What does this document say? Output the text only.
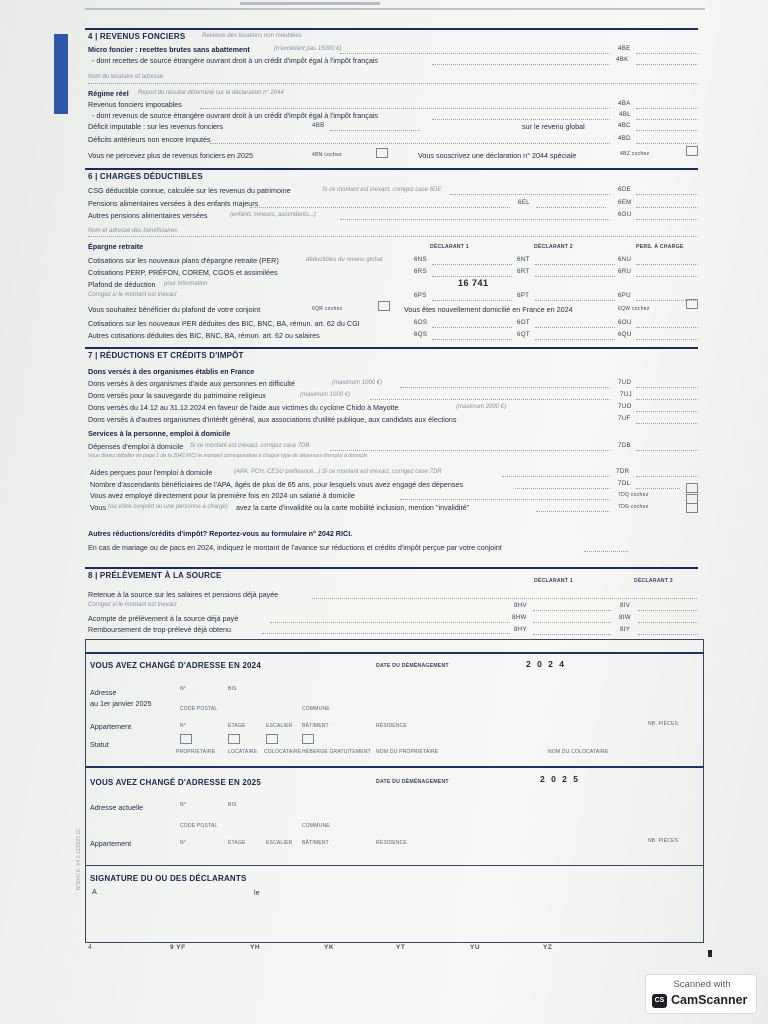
4 | REVENUS FONCIERS	Revenus des locations non meublées
Micro foncier : recettes brutes sans abattement	(n'excédant pas 15000 €)	4BE
- dont recettes de source étrangère ouvrant droit à un crédit d'impôt égal à l'impôt français	4BK
Nom du locataire et adresse
Régime réel Report du résultat déterminé sur la déclaration n° 2044
Revenus fonciers imposables	4BA
- dont revenus de source étrangère ouvrant droit à un crédit d'impôt égal à l'impôt français	4BL
Déficit imputable : sur les revenus fonciers	4BB	sur le revenu global	4BC
Déficits antérieurs non encore imputés	4BD
Vous ne percevez plus de revenus fonciers en 2025	4BN cochez	Vous souscrivez une déclaration n° 2044 spéciale	4BZ cochez
6 | CHARGES DÉDUCTIBLES
CSG déductible connue, calculée sur les revenus du patrimoine	Si ce montant est inexact, corrigez case 6DE	6DE
Pensions alimentaires versées à des enfants majeurs	6EL	6EM
Autres pensions alimentaires versées	(enfants mineurs, ascendants...)	6GU
Nom et adresse des bénéficiaires
Épargne retraite	DÉCLARANT 1	DÉCLARANT 2	PERS. À CHARGE
Cotisations sur les nouveaux plans d'épargne retraite (PER)	déductibles du revenu global	6NS	6NT	6NU
Cotisations PERP, PRÉFON, COREM, CGOS et assimilées	6RS	6RT	6RU
Plafond de déduction pour information	16 741
Corrigez si le montant est inexact	6PS	6PT	6PU
Vous souhaitez bénéficier du plafond de votre conjoint	6QR cochez	Vous êtes nouvellement domicilié en France en 2024	6QW cochez
Cotisations sur les nouveaux PER déduites des BIC, BNC, BA, rémun. art. 62 du CGI	6OS	6OT	6OU
Autres cotisations déduites des BIC, BNC, BA, rémun. art. 62 ou salaires	6QS	6QT	6QU
7 | RÉDUCTIONS ET CRÉDITS D'IMPÔT
Dons versés à des organismes établis en France
Dons versés à des organismes d'aide aux personnes en difficulté	(maximum 1000 €)	7UD
Dons versés pour la sauvegarde du patrimoine religieux	(maximum 1000 €)	7UJ
Dons versés du 14.12 au 31.12.2024 en faveur de l'aide aux victimes du cyclone Chido à Mayotte	(maximum 2000 €)	7UO
Dons versés à d'autres organismes d'intérêt général, aux associations d'utilité publique, aux candidats aux élections	7UF
Services à la personne, emploi à domicile
Dépenses d'emploi à domicile Si ce montant est inexact, corrigez case 7DB	7DB
Vous devez détailler en page 1 de la 2042 RICI le montant correspondant à chaque type de dépenses d'emploi à domicile
Aides perçues pour l'emploi à domicile	(APA, PCH, CESU préfinancé...) Si ce montant est inexact, corrigez case 7DR	7DR
Nombre d'ascendants bénéficiaires de l'APA, âgés de plus de 65 ans, pour lesquels vous avez engagé des dépenses	7DL
Vous avez employé directement pour la première fois en 2024 un salarié à domicile	7DQ cochez
Vous (ou votre conjoint ou une personne à charge) avez la carte d'invalidité ou la carte mobilité inclusion, mention "invalidité"	7DG cochez
Autres réductions/crédits d'impôt? Reportez-vous au formulaire n° 2042 RICI.
En cas de mariage ou de pacs en 2024, indiquez le montant de l'avance sur réductions et crédits d'impôt perçue par votre conjoint
8 | PRÉLÈVEMENT À LA SOURCE
DÉCLARANT 1	DÉCLARANT 2
Retenue à la source sur les salaires et pensions déjà payée
Corrigez si le montant est inexact	8HV	8IV
Acompte de prélèvement à la source déjà payé	8HW	8IW
Remboursement de trop-prélevé déjà obtenu	8HY	8IY
VOUS AVEZ CHANGÉ D'ADRESSE EN 2024	DATE DU DÉMÉNAGEMENT	2 0 2 4
Adresse
au 1er janvier 2025
N°	BIS
CODE POSTAL	COMMUNE
Appartement	N°	ÉTAGE	ESCALIER BÂTIMENT	RÉSIDENCE	NB. PIÈCES
Statut
PROPRIÉTAIRE	LOCATAIRE COLOCATAIRE HÉBERGÉ GRATUITEMENT NOM DU PROPRIÉTAIRE	NOM DU COLOCATAIRE
VOUS AVEZ CHANGÉ D'ADRESSE EN 2025	DATE DU DÉMÉNAGEMENT	2 0 2 5
Adresse actuelle	N°	BIS
CODE POSTAL	COMMUNE
Appartement	N°	ÉTAGE	ESCALIER BÂTIMENT	RÉSIDENCE	NB. PIÈCES
SIGNATURE DU OU DES DÉCLARANTS
A	le
N°2042 K. V4.0 12/2025 1C
4	9 YF	YH	YK	YT	YU	YZ
Scanned with
CS CamScanner
